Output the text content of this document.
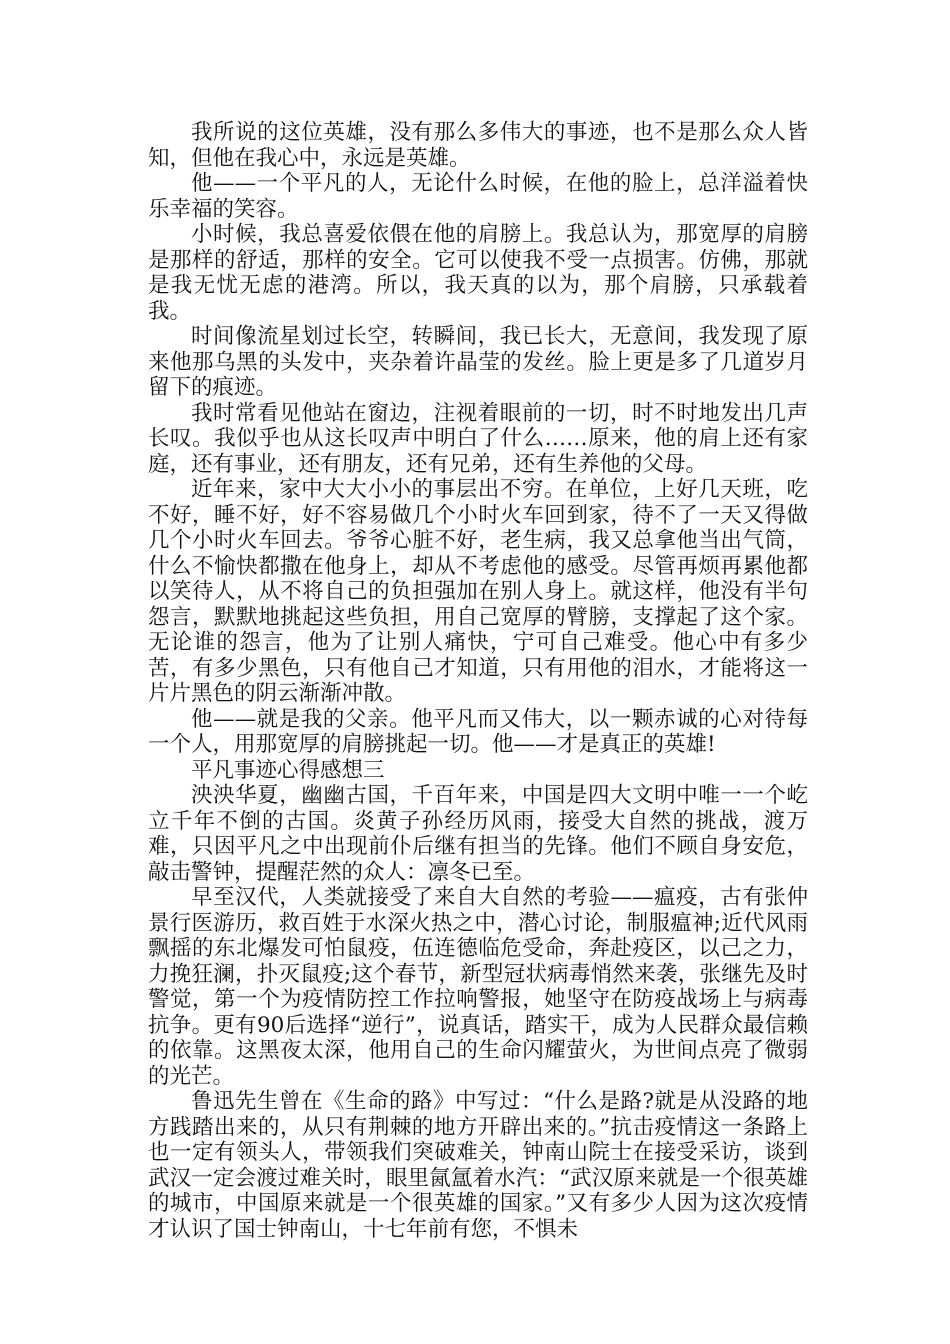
我所说的这位英雄，没有那么多伟大的事迹，也不是那么众人皆知，但他在我心中，永远是英雄。

他——一个平凡的人，无论什么时候，在他的脸上，总洋溢着快乐幸福的笑容。

小时候，我总喜爱依偎在他的肩膀上。我总认为，那宽厚的肩膀是那样的舒适，那样的安全。它可以使我不受一点损害。仿佛，那就是我无忧无虑的港湾。所以，我天真的以为，那个肩膀，只承载着我。

时间像流星划过长空，转瞬间，我已长大，无意间，我发现了原来他那乌黑的头发中，夹杂着许晶莹的发丝。脸上更是多了几道岁月留下的痕迹。

我时常看见他站在窗边，注视着眼前的一切，时不时地发出几声长叹。我似乎也从这长叹声中明白了什么……原来，他的肩上还有家庭，还有事业，还有朋友，还有兄弟，还有生养他的父母。

近年来，家中大大小小的事层出不穷。在单位，上好几天班，吃不好，睡不好，好不容易做几个小时火车回到家，待不了一天又得做几个小时火车回去。爷爷心脏不好，老生病，我又总拿他当出气筒，什么不愉快都撒在他身上，却从不考虑他的感受。尽管再烦再累他都以笑待人，从不将自己的负担强加在别人身上。就这样，他没有半句怨言，默默地挑起这些负担，用自己宽厚的臂膀，支撑起了这个家。无论谁的怨言，他为了让别人痛快，宁可自己难受。他心中有多少苦，有多少黑色，只有他自己才知道，只有用他的泪水，才能将这一片片黑色的阴云渐渐冲散。

他——就是我的父亲。他平凡而又伟大，以一颗赤诚的心对待每一个人，用那宽厚的肩膀挑起一切。他——才是真正的英雄!

平凡事迹心得感想三

泱泱华夏，幽幽古国，千百年来，中国是四大文明中唯一一个屹立千年不倒的古国。炎黄子孙经历风雨，接受大自然的挑战，渡万难，只因平凡之中出现前仆后继有担当的先锋。他们不顾自身安危，敲击警钟，提醒茫然的众人：凛冬已至。

早至汉代，人类就接受了来自大自然的考验——瘟疫，古有张仲景行医游历，救百姓于水深火热之中，潜心讨论，制服瘟神;近代风雨飘摇的东北爆发可怕鼠疫，伍连德临危受命，奔赴疫区，以己之力，力挽狂澜，扑灭鼠疫;这个春节，新型冠状病毒悄然来袭，张继先及时警觉，第一个为疫情防控工作拉响警报，她坚守在防疫战场上与病毒抗争。更有90后选择“逆行”，说真话，踏实干，成为人民群众最信赖的依靠。这黑夜太深，他用自己的生命闪耀萤火，为世间点亮了微弱的光芒。

鲁迅先生曾在《生命的路》中写过：“什么是路?就是从没路的地方践踏出来的，从只有荆棘的地方开辟出来的。”抗击疫情这一条路上也一定有领头人，带领我们突破难关，钟南山院士在接受采访，谈到武汉一定会渡过难关时，眼里氤氲着水汽：“武汉原来就是一个很英雄的城市，中国原来就是一个很英雄的国家。”又有多少人因为这次疫情才认识了国士钟南山，十七年前有您，不惧未
